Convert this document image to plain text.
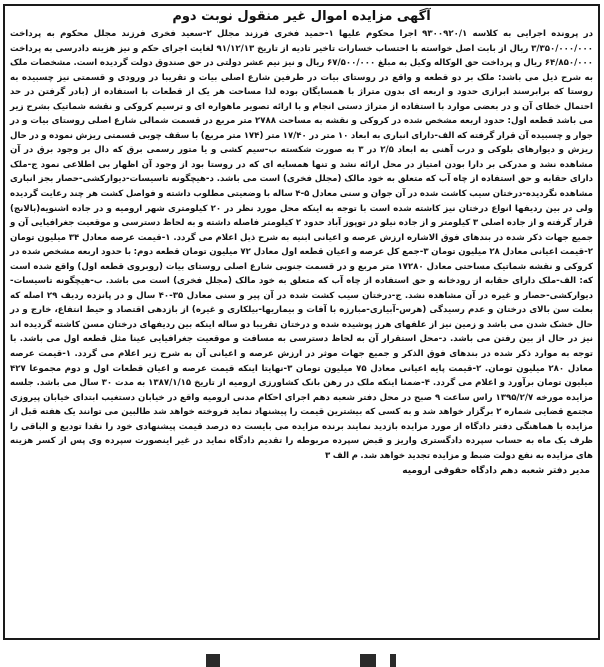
آگهی مزایده اموال غیر منقول نوبت دوم
در پرونده اجرایی به کلاسه ۹۳۰۰۹۲۰/۱ اجرا محکوم علیها ۱-حمید فخری فرزند مجلل ۲-سعید فخری فرزند مجلل محکوم به پرداخت ۳/۳۵۰/۰۰۰/۰۰۰ ریال از بابت اصل خواسته با احتساب خسارات تاخیر تادیه از تاریخ ۹۱/۱۲/۱۳ لغایت اجرای حکم و نیز هزینه دادرسی به پرداخت ۶۴/۸۵۰/۰۰۰ ریال و پرداخت حق الوکاله وکیل به مبلغ ۶۷/۵۰۰/۰۰۰ ریال و نیز نیم عشر دولتی در حق صندوق دولت گردیده است. مشخصات ملک به شرح ذیل می باشد: ملک بر دو قطعه و واقع در روستای بیات در طرفین شارع اصلی بیات و تقریبا در ورودی و قسمتی نیز چسبیده به روستا که برابرسند ابرازی حدود و اربعه ای بدون متراژ با همسایگان بوده لذا مساحت هر یک از قطعات با استفاده از (بادر گرفتن در حد احتمال خطای آن و در بعضی موارد با استفاده از متراژ دستی انجام و با ارائه تصویر ماهواره ای و ترسیم کروکی و نقشه شماتیک بشرح زیر می باشد قطعه اول: حدود اربعه مشخص شده در کروکی و نقشه به مساحت ۲۷۸۸ متر مربع در قسمت شمالی شارع اصلی روستای بیات و در جوار و چسبیده آن قرار گرفته که الف-دارای انباری به ابعاد ۱۰ متر در ۱۷/۴۰ متر (۱۷۴ متر مربع) با سقف چوبی قسمتی ریزش نموده و در حال ریزش و دیوارهای بلوکی و درب آهنی به ابعاد ۲/۵ در ۳ به صورت شکسته ب-سیم کشی و یا متور رسمی برق که دال بر وجود برق در آن مشاهده نشد و مدرکی بر دارا بودن امتیاز در محل ارائه نشد و تنها همسایه ای که در روستا بود از وجود آن اظهار بی اطلاعی نمود ج-ملک دارای حقابه و حق استفاده از چاه آب که متعلق به خود مالک (مجلل فخری) است می باشد. د-هیچگونه تاسیسات-دیوارکشی-حصار بجز انباری مشاهده نگردیده-درختان سیب کاشت شده در آن جوان و سنی معادل ۵-۴ ساله با وضعیتی مطلوب داشته و فواصل کشت هر چند رعایت گردیده ولی در بین ردیفها انواع درختان نیز کاشته شده است با توجه به اینکه محل مورد نظر در ۲۰ کیلومتری شهر ارومیه و در جاده اشنویه(بالانج) قرار گرفته و از جاده اصلی ۳ کیلومتر و از جاده نیلو در توپوز آباد حدود ۲ کیلومتر فاصله داشته و به لحاظ دسترسی و موقعیت جغرافیایی آن و جمیع جهات ذکر شده در بندهای فوق الاشاره ارزش عرصه و اعیانی ابنیه به شرح ذیل اعلام می گردد. ۱-قیمت عرصه معادل ۳۴ میلیون تومان ۲-قیمت اعیانی معادل ۲۸ میلیون تومان ۳-جمع کل عرصه و اعیان قطعه اول معادل ۷۲ میلیون تومان قطعه دوم: با حدود اربعه مشخص شده در کروکی و نقشه شماتیک مساحتی معادل ۱۷۲۸۰ متر مربع و در قسمت جنوبی شارع اصلی روستای بیات (روبروی قطعه اول) واقع شده است که: الف-ملک دارای حقابه از رودخانه و حق استفاده از چاه آب که متعلق به خود مالک (مجلل فخری) است می باشد. ب-هیچگونه تاسیسات-دیوارکشی-حصار و غیره در آن مشاهده نشد. ج-درختان سیب کشت شده در آن پیر و سنی معادل ۳۵-۴۰ سال و در پانزده ردیف ۲۹ اصله که بعلت سن بالای درختان و عدم رسیدگی (هرس-آبیاری-مبارزه با آفات و بیماریها-بیلکاری و غیره) از بازدهی اقتصاد و حیط انتفاع، خارج و در حال خشک شدن می باشد و زمین نیز از علفهای هرز پوشیده شده و درختان تقریبا دو ساله اینکه بین ردیفهای درختان مسن کاشته گردیده اند نیز در حال از بین رفتن می باشد. د-محل استقرار آن به لحاظ دسترسی به مسافت و موقعیت جغرافیایی عینا مثل قطعه اول می باشد. با توجه به موارد ذکر شده در بندهای فوق الذکر و جمیع جهات موثر در ارزش عرصه و اعیانی آن به شرح زیر اعلام می گردد. ۱-قیمت عرصه معادل ۲۸۰ میلیون تومان. ۲-قیمت پایه اعیانی معادل ۷۵ میلیون تومان ۳-نهایتا اینکه قیمت عرصه و اعیان قطعات اول و دوم مجموعا ۴۲۷ میلیون تومان برآورد و اعلام می گردد. ۴-ضمنا اینکه ملک در رهن بانک کشاورزی ارومیه از تاریخ ۱۳۸۷/۱/۱۵ به مدت ۳۰ سال می باشد. جلسه مزایده مورخه ۱۳۹۵/۲/۷ راس ساعت ۹ صبح در محل دفتر شعبه دهم اجرای احکام مدنی ارومیه واقع در خیابان دستغیب ابتدای خیابان پیروزی مجتمع قضایی شماره ۲ برگزار خواهد شد و به کسی که بیشترین قیمت را پیشنهاد نماید فروخته خواهد شد طالبین می توانند یک هفته قبل از مزایده با هماهنگی دفتر دادگاه از مورد مزایده بازدید نمایند برنده مزایده می بایست ده درصد قیمت پیشنهادی خود را نقدا تودیع و الباقی را ظرف یک ماه به حساب سپرده دادگستری واریز و قبض سپرده مربوطه را تقدیم دادگاه نماید در غیر اینصورت سپرده وی پس از کسر هزینه های مزایده به نفع دولت ضبط و مزایده تجدید خواهد شد. م الف ۳
مدیر دفتر شعبه دهم دادگاه حقوقی ارومیه
